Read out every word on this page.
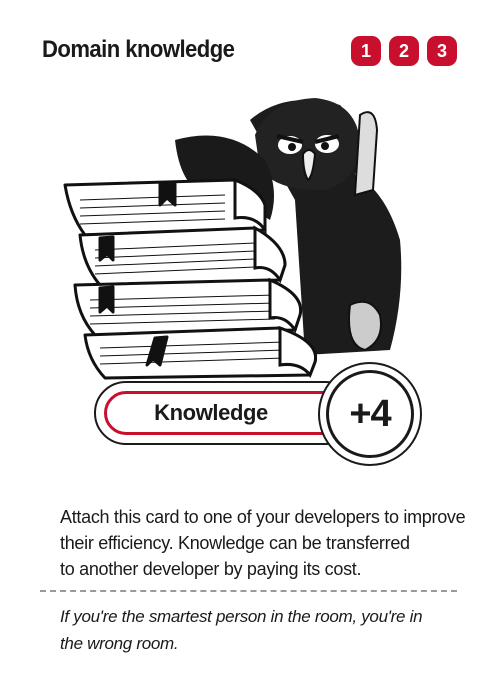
Domain knowledge	1	2	3
Knowledge	+4
Attach this card to one of your developers to improve
their efficiency. Knowledge can be transferred
to another developer by paying its cost.
If you're the smartest person in the room, you're in
the wrong room.
